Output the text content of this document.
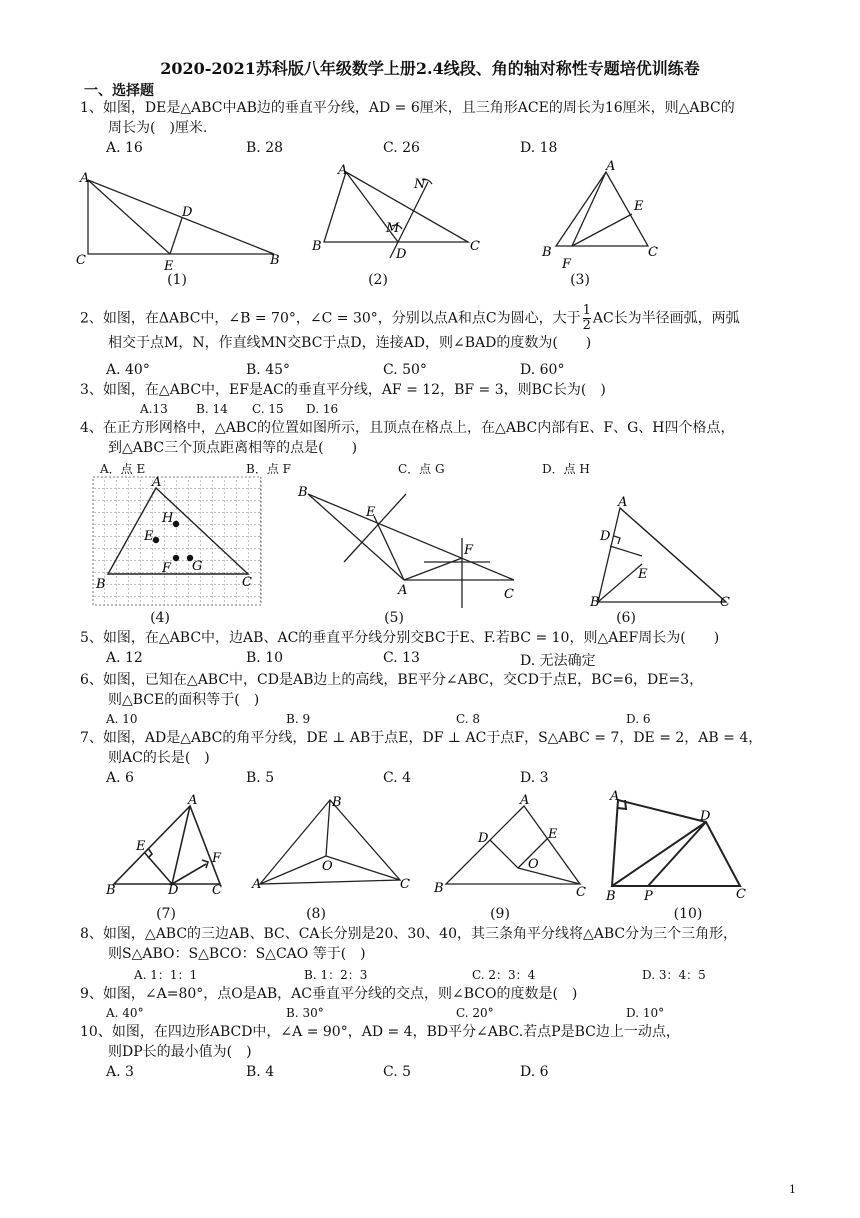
2020-2021苏科版八年级数学上册2.4线段、角的轴对称性专题培优训练卷
一、选择题
1、如图，DE是△ABC中AB边的垂直平分线，AD = 6厘米，且三角形ACE的周长为16厘米，则△ABC的
周长为(　)厘米.
A. 16	B. 28	C. 26	D. 18
A
D
C	E	B
(1)
A
N
M
B
D
C
(2)
A
E
B
F
C
(3)
2、如图，在ΔABC中，∠B = 70°，∠C = 30°，分别以点A和点C为圆心，大于 $\frac{1}{2}$ AC长为半径画弧，两弧
相交于点M，N，作直线MN交BC于点D，连接AD，则∠BAD的度数为(　　)
A. 40°	B. 45°	C. 50°	D. 60°
3、如图，在△ABC中，EF是AC的垂直平分线，AF = 12，BF = 3，则BC长为(　)
A.13 B. 14 C. 15 D. 16
4、在正方形网格中，△ABC的位置如图所示，且顶点在格点上，在△ABC内部有E、F、G、H四个格点，
到△ABC三个顶点距离相等的点是(　　)
A．点 E	B．点 F	C．点 G	D．点 H
A
H
E
F G
B	C
(4)
B
E
F
A	C
(5)
A
D
E
B	C
(6)
5、如图，在△ABC中，边AB、AC的垂直平分线分别交BC于E、F.若BC = 10，则△AEF周长为(　　)
A. 12	B. 10	C. 13	D. 无法确定
6、如图，已知在△ABC中，CD是AB边上的高线，BE平分∠ABC，交CD于点E，BC=6，DE=3，
则△BCE的面积等于(　)
A. 10	B. 9	C. 8	D. 6
7、如图，AD是△ABC的角平分线，DE ⊥ AB于点E，DF ⊥ AC于点F，S△ABC = 7，DE = 2，AB = 4，
则AC的长是(　)
A. 6	B. 5	C. 4	D. 3
A
E
F
B	D	C
(7)
B
O
A	C
(8)
A
D	E
O
B	C
(9)
A
D
B P	C
(10)
8、如图，△ABC的三边AB、BC、CA长分别是20、30、40，其三条角平分线将△ABC分为三个三角形，
则S△ABO：S△BCO：S△CAO 等于(　)
A. 1：1：1	B. 1：2：3	C. 2：3：4	D. 3：4：5
9、如图，∠A=80°，点O是AB，AC垂直平分线的交点，则∠BCO的度数是(　)
A. 40°	B. 30°	C. 20°	D. 10°
10、如图，在四边形ABCD中，∠A = 90°，AD = 4，BD平分∠ABC.若点P是BC边上一动点，
则DP长的最小值为(　)
A. 3	B. 4	C. 5	D. 6
1
